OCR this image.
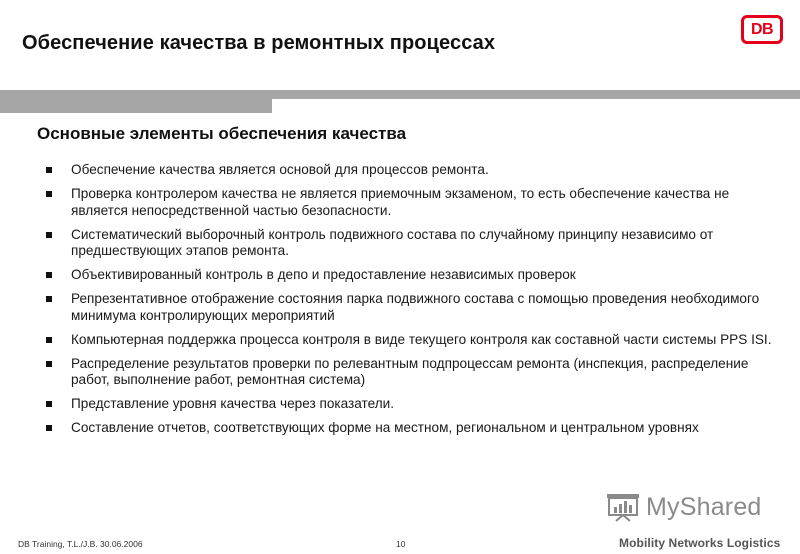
Обеспечение качества в ремонтных процессах
DB
Основные элементы обеспечения качества
Обеспечение качества является основой для процессов ремонта.
Проверка контролером качества не является приемочным экзаменом, то есть обеспечение качества не является непосредственной частью безопасности.
Систематический выборочный контроль подвижного состава по случайному принципу независимо от предшествующих этапов ремонта.
Объективированный контроль в депо и предоставление независимых проверок
Репрезентативное отображение состояния парка подвижного состава с помощью проведения необходимого минимума контролирующих мероприятий
Компьютерная поддержка процесса контроля в виде текущего контроля как составной части системы PPS ISI.
Распределение результатов проверки по релевантным подпроцессам ремонта (инспекция, распределение работ, выполнение работ, ремонтная система)
Представление уровня качества через показатели.
Составление отчетов, соответствующих форме на местном, региональном и центральном уровнях
MyShared
DB Training, T.L./J.B. 30.06.2006	10	Mobility Networks Logistics
